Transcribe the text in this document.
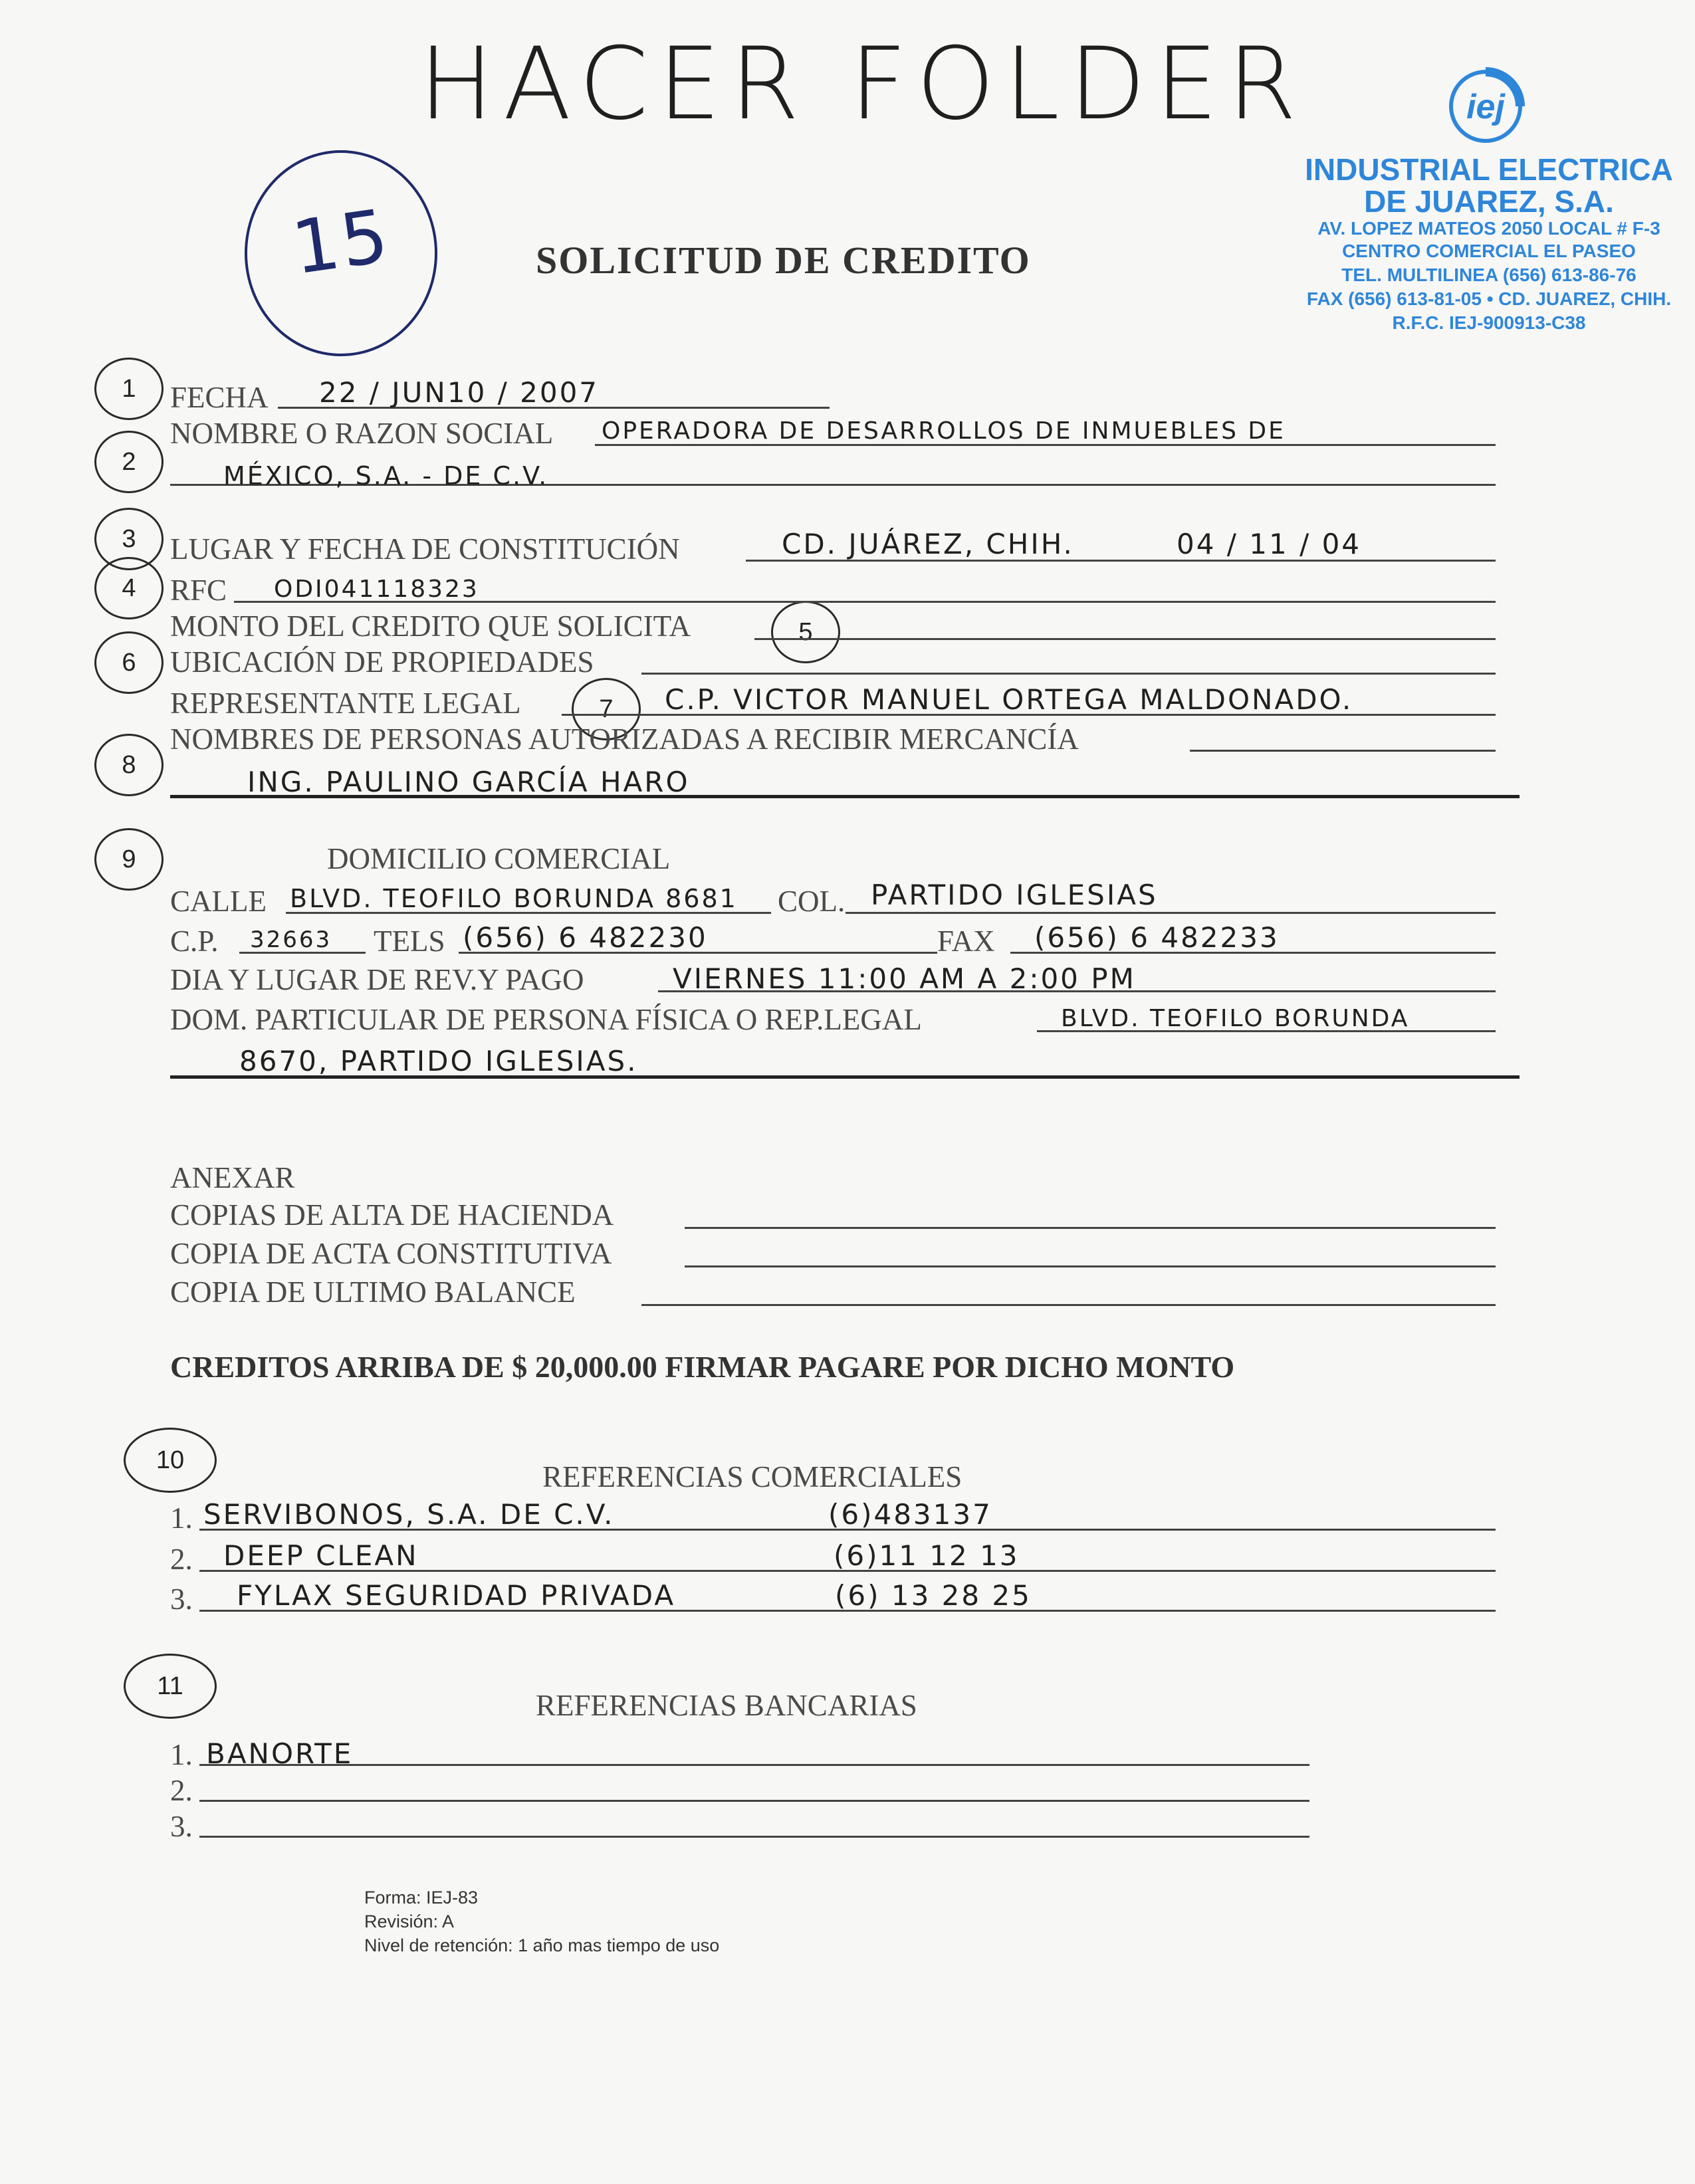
HACER FOLDER
15	SOLICITUD DE CREDITO
iej
INDUSTRIAL ELECTRICA
DE JUAREZ, S.A.
AV. LOPEZ MATEOS 2050 LOCAL # F-3
CENTRO COMERCIAL EL PASEO
TEL. MULTILINEA (656) 613-86-76
FAX (656) 613-81-05 • CD. JUAREZ, CHIH.
R.F.C. IEJ-900913-C38
1
2
3
4
5
6
7
8
9
10
11
FECHA 22 / JUN10 / 2007
NOMBRE O RAZON SOCIAL OPERADORA DE DESARROLLOS DE INMUEBLES DE
MÉXICO, S.A. - DE C.V.
LUGAR Y FECHA DE CONSTITUCIÓN	CD. JUÁREZ, CHIH.	04 / 11 / 04
RFC ODI041118323
MONTO DEL CREDITO QUE SOLICITA
UBICACIÓN DE PROPIEDADES
REPRESENTANTE LEGAL	C.P. VICTOR MANUEL ORTEGA MALDONADO.
NOMBRES DE PERSONAS AUTORIZADAS A RECIBIR MERCANCÍA
ING. PAULINO GARCÍA HARO
DOMICILIO COMERCIAL
CALLE BLVD. TEOFILO BORUNDA 8681 COL. PARTIDO IGLESIAS
C.P. 32663 TELS (656) 6 482230	FAX (656) 6 482233
DIA Y LUGAR DE REV.Y PAGO	VIERNES 11:00 AM A 2:00 PM
DOM. PARTICULAR DE PERSONA FÍSICA O REP.LEGAL	BLVD. TEOFILO BORUNDA
8670, PARTIDO IGLESIAS.
ANEXAR
COPIAS DE ALTA DE HACIENDA
COPIA DE ACTA CONSTITUTIVA
COPIA DE ULTIMO BALANCE
CREDITOS ARRIBA DE $ 20,000.00 FIRMAR PAGARE POR DICHO MONTO
REFERENCIAS COMERCIALES
1. SERVIBONOS, S.A. DE C.V.	(6)483137
2. DEEP CLEAN	(6)11 12 13
3. FYLAX SEGURIDAD PRIVADA	(6) 13 28 25
REFERENCIAS BANCARIAS
1. BANORTE
2.
3.
Forma: IEJ-83
Revisión: A
Nivel de retención: 1 año mas tiempo de uso
